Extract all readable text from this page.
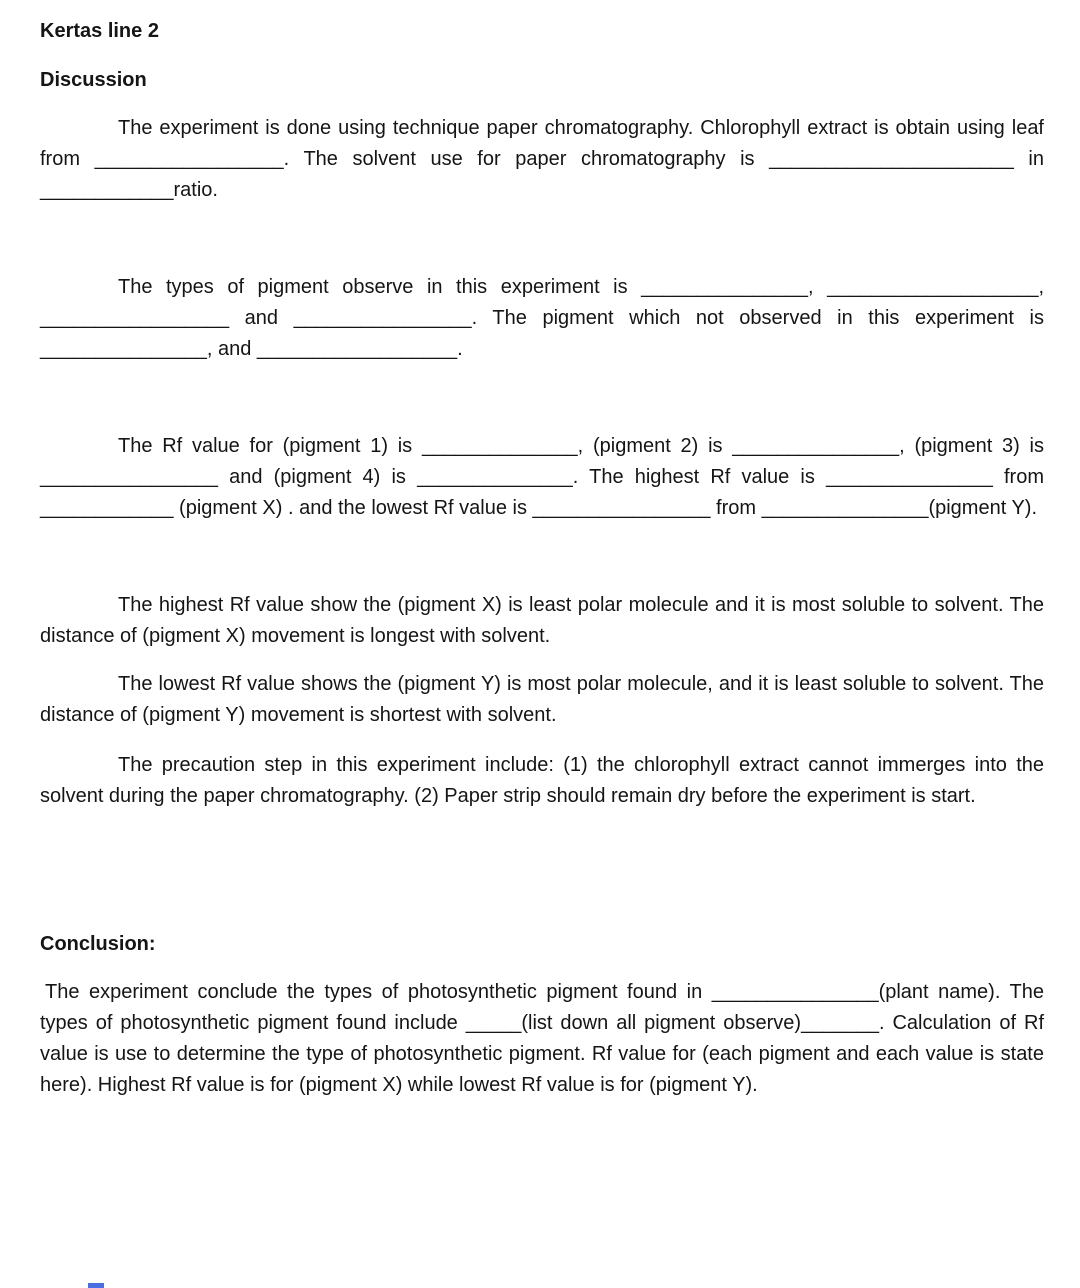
Kertas line 2
Discussion

The experiment is done using technique paper chromatography. Chlorophyll extract is obtain using leaf from _________________. The solvent use for paper chromatography is ______________________ in ____________ratio.

The types of pigment observe in this experiment is _______________, ___________________, _________________ and ________________. The pigment which not observed in this experiment is _______________, and __________________.

The Rf value for (pigment 1) is ______________, (pigment 2) is _______________, (pigment 3) is ________________ and (pigment 4) is ______________. The highest Rf value is _______________ from ____________ (pigment X) . and the lowest Rf value is ________________ from _______________(pigment Y).

The highest Rf value show the (pigment X) is least polar molecule and it is most soluble to solvent. The distance of (pigment X) movement is longest with solvent.

The lowest Rf value shows the (pigment Y) is most polar molecule, and it is least soluble to solvent. The distance of (pigment Y) movement is shortest with solvent.

The precaution step in this experiment include: (1) the chlorophyll extract cannot immerges into the solvent during the paper chromatography. (2) Paper strip should remain dry before the experiment is start.

Conclusion:

The experiment conclude the types of photosynthetic pigment found in _______________(plant name). The types of photosynthetic pigment found include _____(list down all pigment observe)_______. Calculation of Rf value is use to determine the type of photosynthetic pigment. Rf value for (each pigment and each value is state here). Highest Rf value is for (pigment X) while lowest Rf value is for (pigment Y).
